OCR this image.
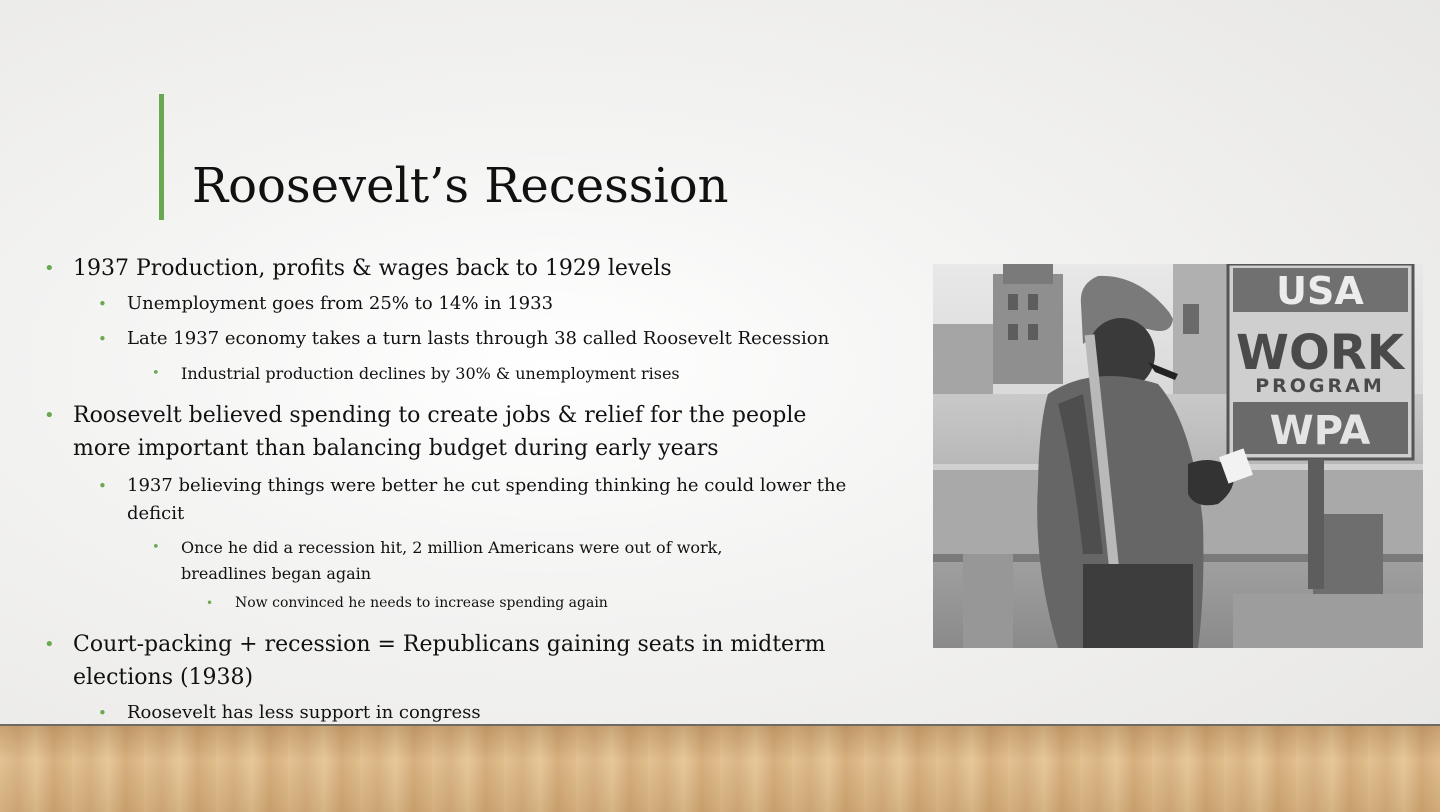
Roosevelt’s Recession
• 1937 Production, profits & wages back to 1929 levels
• Unemployment goes from 25% to 14% in 1933
• Late 1937 economy takes a turn lasts through 38 called Roosevelt Recession
• Industrial production declines by 30% & unemployment rises
• Roosevelt believed spending to create jobs & relief for the people more important than balancing budget during early years
• 1937 believing things were better he cut spending thinking he could lower the deficit
• Once he did a recession hit, 2 million Americans were out of work, breadlines began again
• Now convinced he needs to increase spending again
• Court-packing + recession = Republicans gaining seats in midterm elections (1938)
• Roosevelt has less support in congress
USA
WORK
PROGRAM
WPA
